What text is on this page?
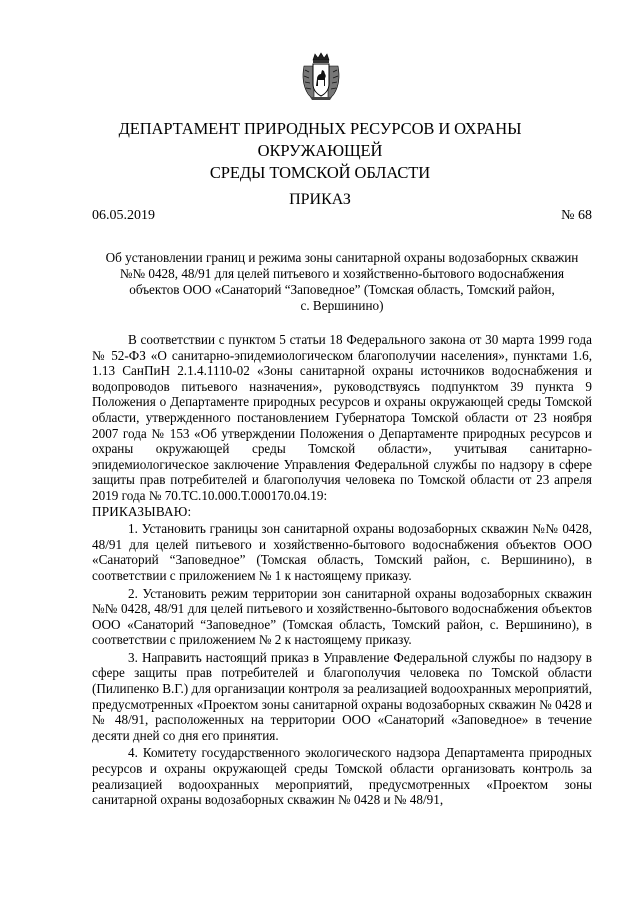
ДЕПАРТАМЕНТ ПРИРОДНЫХ РЕСУРСОВ И ОХРАНЫ ОКРУЖАЮЩЕЙ
СРЕДЫ ТОМСКОЙ ОБЛАСТИ
ПРИКАЗ
06.05.2019	№ 68
Об установлении границ и режима зоны санитарной охраны водозаборных скважин
№№ 0428, 48/91 для целей питьевого и хозяйственно-бытового водоснабжения
объектов ООО «Санаторий “Заповедное” (Томская область, Томский район,
с. Вершинино)

В соответствии с пунктом 5 статьи 18 Федерального закона от 30 марта 1999 года № 52-ФЗ «О санитарно-эпидемиологическом благополучии населения», пунктами 1.6, 1.13 СанПиН 2.1.4.1110-02 «Зоны санитарной охраны источников водоснабжения и водопроводов питьевого назначения», руководствуясь подпунктом 39 пункта 9 Положения о Департаменте природных ресурсов и охраны окружающей среды Томской области, утвержденного постановлением Губернатора Томской области от 23 ноября 2007 года № 153 «Об утверждении Положения о Департаменте природных ресурсов и охраны окружающей среды Томской области», учитывая санитарно-эпидемиологическое заключение Управления Федеральной службы по надзору в сфере защиты прав потребителей и благополучия человека по Томской области от 23 апреля 2019 года № 70.ТС.10.000.Т.000170.04.19:

ПРИКАЗЫВАЮ:

1. Установить границы зон санитарной охраны водозаборных скважин №№ 0428, 48/91 для целей питьевого и хозяйственно-бытового водоснабжения объектов ООО «Санаторий “Заповедное” (Томская область, Томский район, с. Вершинино), в соответствии с приложением № 1 к настоящему приказу.

2. Установить режим территории зон санитарной охраны водозаборных скважин №№ 0428, 48/91 для целей питьевого и хозяйственно-бытового водоснабжения объектов ООО «Санаторий “Заповедное” (Томская область, Томский район, с. Вершинино), в соответствии с приложением № 2 к настоящему приказу.

3. Направить настоящий приказ в Управление Федеральной службы по надзору в сфере защиты прав потребителей и благополучия человека по Томской области (Пилипенко В.Г.) для организации контроля за реализацией водоохранных мероприятий, предусмотренных «Проектом зоны санитарной охраны водозаборных скважин № 0428 и № 48/91, расположенных на территории ООО «Санаторий «Заповедное» в течение десяти дней со дня его принятия.

4. Комитету государственного экологического надзора Департамента природных ресурсов и охраны окружающей среды Томской области организовать контроль за реализацией водоохранных мероприятий, предусмотренных «Проектом зоны санитарной охраны водозаборных скважин № 0428 и № 48/91,
